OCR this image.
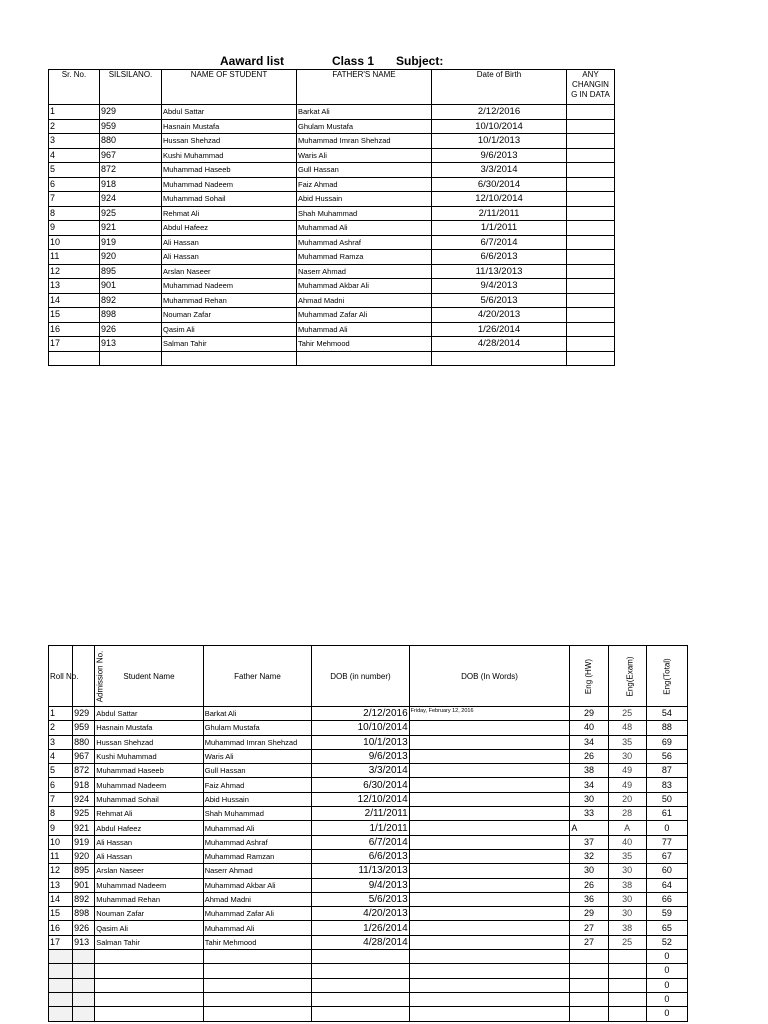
Aaward list	Class 1 Subject:
Sr. No.	SILSILANO.	NAME OF STUDENT	FATHER'S NAME	Date of Birth	ANY CHANGIN G IN DATA
1	929	Abdul Sattar	Barkat Ali	2/12/2016	
2	959	Hasnain Mustafa	Ghulam Mustafa	10/10/2014	
3	880	Hussan Shehzad	Muhammad Imran Shehzad	10/1/2013	
4	967	Kushi Muhammad	Waris Ali	9/6/2013	
5	872	Muhammad Haseeb	Gull Hassan	3/3/2014	
6	918	Muhammad Nadeem	Faiz Ahmad	6/30/2014	
7	924	Muhammad Sohail	Abid Hussain	12/10/2014	
8	925	Rehmat Ali	Shah Muhammad	2/11/2011	
9	921	Abdul Hafeez	Muhammad Ali	1/1/2011	
10	919	Ali Hassan	Muhammad Ashraf	6/7/2014	
11	920	Ali Hassan	Muhammad Ramza	6/6/2013	
12	895	Arslan Naseer	Naserr Ahmad	11/13/2013	
13	901	Muhammad Nadeem	Muhammad Akbar Ali	9/4/2013	
14	892	Muhammad Rehan	Ahmad Madni	5/6/2013	
15	898	Nouman Zafar	Muhammad Zafar Ali	4/20/2013	
16	926	Qasim Ali	Muhammad Ali	1/26/2014	
17	913	Salman Tahir	Tahir Mehmood	4/28/2014	

Roll No.	Admission No.	Student Name	Father Name	DOB (in number)	DOB (In Words)	Eng (HW)	Eng(Exam)	Eng(Total)
1	929	Abdul Sattar	Barkat Ali	2/12/2016	Friday, February 12, 2016	29	25	54
2	959	Hasnain Mustafa	Ghulam Mustafa	10/10/2014		40	48	88
3	880	Hussan Shehzad	Muhammad Imran Shehzad	10/1/2013		34	35	69
4	967	Kushi Muhammad	Waris Ali	9/6/2013		26	30	56
5	872	Muhammad Haseeb	Gull Hassan	3/3/2014		38	49	87
6	918	Muhammad Nadeem	Faiz Ahmad	6/30/2014		34	49	83
7	924	Muhammad Sohail	Abid Hussain	12/10/2014		30	20	50
8	925	Rehmat Ali	Shah Muhammad	2/11/2011		33	28	61
9	921	Abdul Hafeez	Muhammad Ali	1/1/2011		A	A	0
10	919	Ali Hassan	Muhammad Ashraf	6/7/2014		37	40	77
11	920	Ali Hassan	Muhammad Ramzan	6/6/2013		32	35	67
12	895	Arslan Naseer	Naserr Ahmad	11/13/2013		30	30	60
13	901	Muhammad Nadeem	Muhammad Akbar Ali	9/4/2013		26	38	64
14	892	Muhammad Rehan	Ahmad Madni	5/6/2013		36	30	66
15	898	Nouman Zafar	Muhammad Zafar Ali	4/20/2013		29	30	59
16	926	Qasim Ali	Muhammad Ali	1/26/2014		27	38	65
17	913	Salman Tahir	Tahir Mehmood	4/28/2014		27	25	52
								0
								0
								0
								0
								0
